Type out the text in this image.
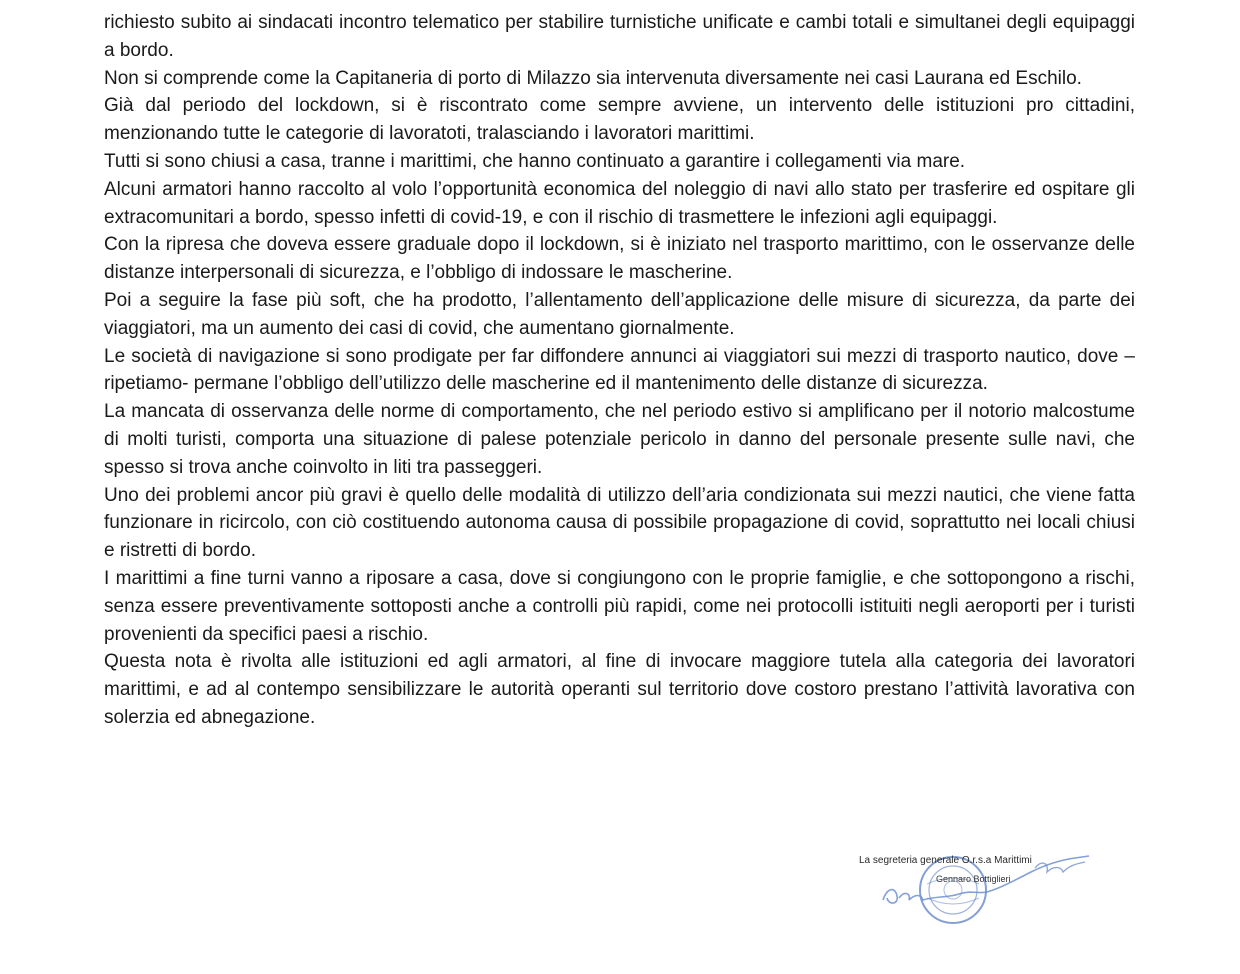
richiesto subito ai sindacati incontro telematico per stabilire turnistiche unificate e cambi totali e simultanei degli equipaggi a bordo.

Non si comprende come la Capitaneria di porto di Milazzo sia intervenuta diversamente nei casi Laurana ed Eschilo.

Già dal periodo del lockdown, si è riscontrato come sempre avviene, un intervento delle istituzioni pro cittadini, menzionando tutte le categorie di lavoratoti, tralasciando i lavoratori marittimi.

Tutti si sono chiusi a casa, tranne i marittimi, che hanno continuato a garantire i collegamenti via mare.

Alcuni armatori hanno raccolto al volo l’opportunità economica del noleggio di navi allo stato per trasferire ed ospitare gli extracomunitari a bordo, spesso infetti di covid-19, e con il rischio di trasmettere le infezioni agli equipaggi.

Con la ripresa che doveva essere graduale dopo il lockdown, si è iniziato nel trasporto marittimo, con le osservanze delle distanze interpersonali di sicurezza, e l’obbligo di indossare le mascherine.

Poi a seguire la fase più soft, che ha prodotto, l’allentamento dell’applicazione delle misure di sicurezza, da parte dei viaggiatori, ma un aumento dei casi di covid, che aumentano giornalmente.

Le società di navigazione si sono prodigate per far diffondere annunci ai viaggiatori sui mezzi di trasporto nautico, dove –ripetiamo- permane l’obbligo dell’utilizzo delle mascherine ed il mantenimento delle distanze di sicurezza.

La mancata di osservanza delle norme di comportamento, che nel periodo estivo si amplificano per il notorio malcostume di molti turisti, comporta una situazione di palese potenziale pericolo in danno del personale presente sulle navi, che spesso si trova anche coinvolto in liti tra passeggeri.

Uno dei problemi ancor più gravi è quello delle modalità di utilizzo dell’aria condizionata sui mezzi nautici, che viene fatta funzionare in ricircolo, con ciò costituendo autonoma causa di possibile propagazione di covid, soprattutto nei locali chiusi e ristretti di bordo.

I marittimi a fine turni vanno a riposare a casa, dove si congiungono con le proprie famiglie, e che sottopongono a rischi, senza essere preventivamente sottoposti anche a controlli più rapidi, come nei protocolli istituiti negli aeroporti per i turisti provenienti da specifici paesi a rischio.

Questa nota è rivolta alle istituzioni ed agli armatori, al fine di invocare maggiore tutela alla categoria dei lavoratori marittimi, e ad al contempo sensibilizzare le autorità operanti sul territorio dove costoro prestano l’attività lavorativa con solerzia ed abnegazione.

La segreteria generale O.r.s.a Marittimi
Gennaro Bottiglieri
